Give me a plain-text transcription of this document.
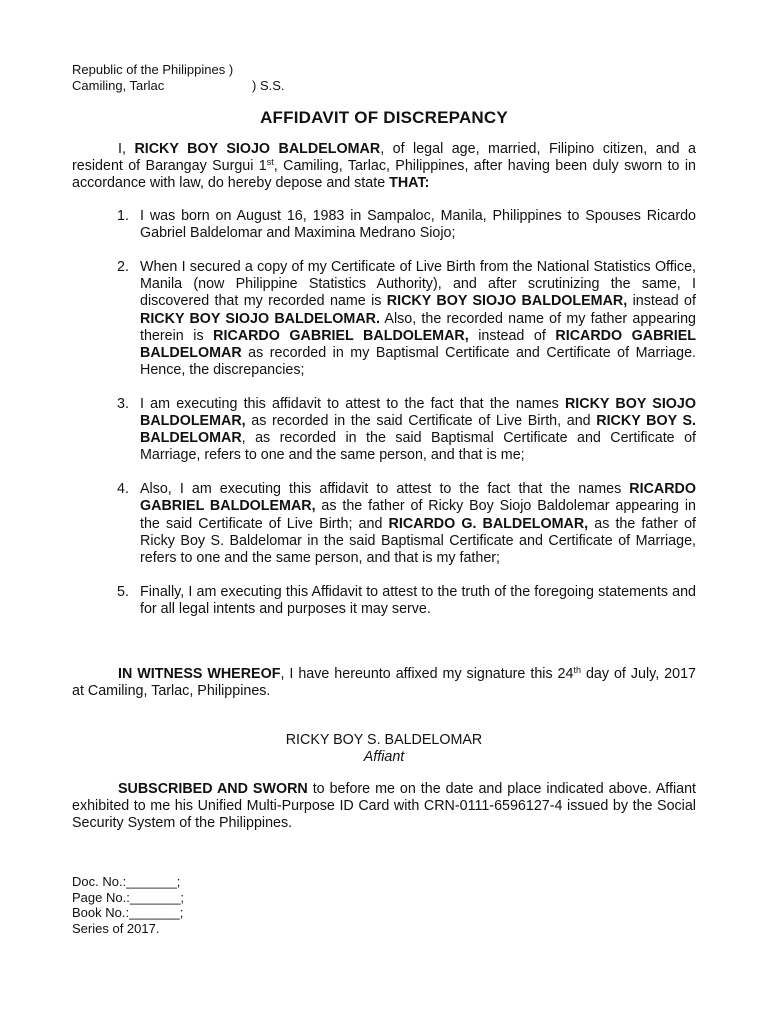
Republic of the Philippines )
Camiling, Tarlac	) S.S.
AFFIDAVIT OF DISCREPANCY

I, RICKY BOY SIOJO BALDELOMAR, of legal age, married, Filipino citizen, and a resident of Barangay Surgui 1st, Camiling, Tarlac, Philippines, after having been duly sworn to in accordance with law, do hereby depose and state THAT:

1. I was born on August 16, 1983 in Sampaloc, Manila, Philippines to Spouses Ricardo Gabriel Baldelomar and Maximina Medrano Siojo;
2. When I secured a copy of my Certificate of Live Birth from the National Statistics Office, Manila (now Philippine Statistics Authority), and after scrutinizing the same, I discovered that my recorded name is RICKY BOY SIOJO BALDOLEMAR, instead of RICKY BOY SIOJO BALDELOMAR. Also, the recorded name of my father appearing therein is RICARDO GABRIEL BALDOLEMAR, instead of RICARDO GABRIEL BALDELOMAR as recorded in my Baptismal Certificate and Certificate of Marriage. Hence, the discrepancies;
3. I am executing this affidavit to attest to the fact that the names RICKY BOY SIOJO BALDOLEMAR, as recorded in the said Certificate of Live Birth, and RICKY BOY S. BALDELOMAR, as recorded in the said Baptismal Certificate and Certificate of Marriage, refers to one and the same person, and that is me;
4. Also, I am executing this affidavit to attest to the fact that the names RICARDO GABRIEL BALDOLEMAR, as the father of Ricky Boy Siojo Baldolemar appearing in the said Certificate of Live Birth; and RICARDO G. BALDELOMAR, as the father of Ricky Boy S. Baldelomar in the said Baptismal Certificate and Certificate of Marriage, refers to one and the same person, and that is my father;
5. Finally, I am executing this Affidavit to attest to the truth of the foregoing statements and for all legal intents and purposes it may serve.

IN WITNESS WHEREOF, I have hereunto affixed my signature this 24th day of July, 2017 at Camiling, Tarlac, Philippines.

RICKY BOY S. BALDELOMAR
Affiant

SUBSCRIBED AND SWORN to before me on the date and place indicated above. Affiant exhibited to me his Unified Multi-Purpose ID Card with CRN-0111-6596127-4 issued by the Social Security System of the Philippines.

Doc. No.:_______;
Page No.:_______;
Book No.:_______;
Series of 2017.
